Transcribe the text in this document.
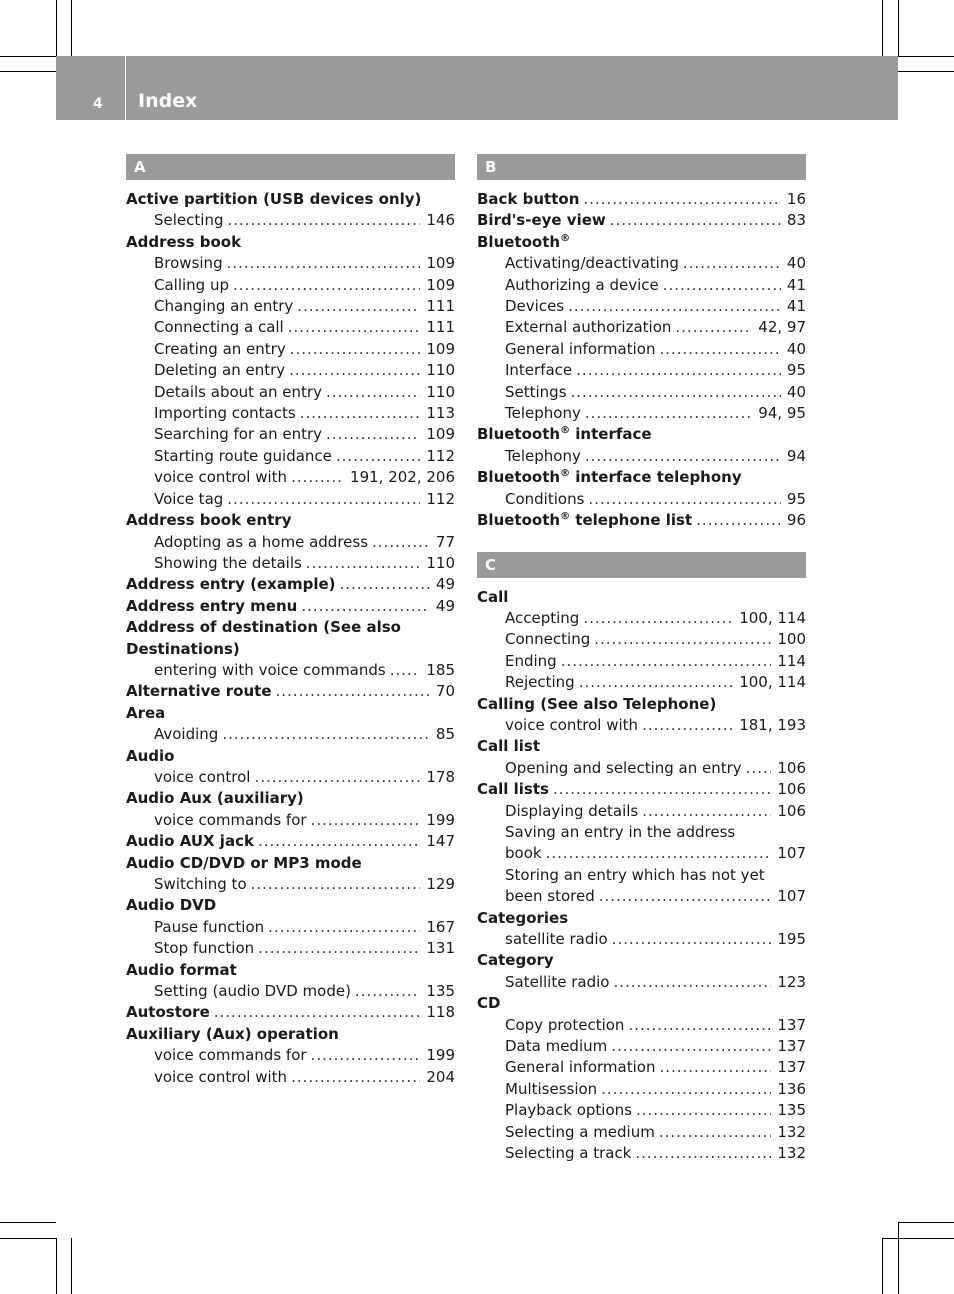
4 Index
A
Active partition (USB devices only)
Selecting .....	146
Address book
Browsing .....	109
Calling up .....	109
Changing an entry .....	111
Connecting a call .....	111
Creating an entry .....	109
Deleting an entry .....	110
Details about an entry .....	110
Importing contacts .....	113
Searching for an entry .....	109
Starting route guidance .....	112
voice control with .....	191, 202, 206
Voice tag .....	112
Address book entry
Adopting as a home address .....	77
Showing the details .....	110
Address entry (example) .....	49
Address entry menu .....	49
Address of destination (See also Destinations)
entering with voice commands .....	185
Alternative route .....	70
Area
Avoiding .....	85
Audio
voice control .....	178
Audio Aux (auxiliary)
voice commands for .....	199
Audio AUX jack .....	147
Audio CD/DVD or MP3 mode
Switching to .....	129
Audio DVD
Pause function .....	167
Stop function .....	131
Audio format
Setting (audio DVD mode) .....	135
Autostore .....	118
Auxiliary (Aux) operation
voice commands for .....	199
voice control with .....	204
B
Back button .....	16
Bird's-eye view .....	83
Bluetooth®
Activating/deactivating .....	40
Authorizing a device .....	41
Devices .....	41
External authorization .....	42, 97
General information .....	40
Interface .....	95
Settings .....	40
Telephony .....	94, 95
Bluetooth® interface
Telephony .....	94
Bluetooth® interface telephony
Conditions .....	95
Bluetooth® telephone list .....	96
C
Call
Accepting .....	100, 114
Connecting .....	100
Ending .....	114
Rejecting .....	100, 114
Calling (See also Telephone)
voice control with .....	181, 193
Call list
Opening and selecting an entry ..... 106
Call lists .....	106
Displaying details .....	106
Saving an entry in the address
book .....	107
Storing an entry which has not yet
been stored .....	107
Categories
satellite radio .....	195
Category
Satellite radio .....	123
CD
Copy protection .....	137
Data medium .....	137
General information .....	137
Multisession .....	136
Playback options .....	135
Selecting a medium .....	132
Selecting a track .....	132
